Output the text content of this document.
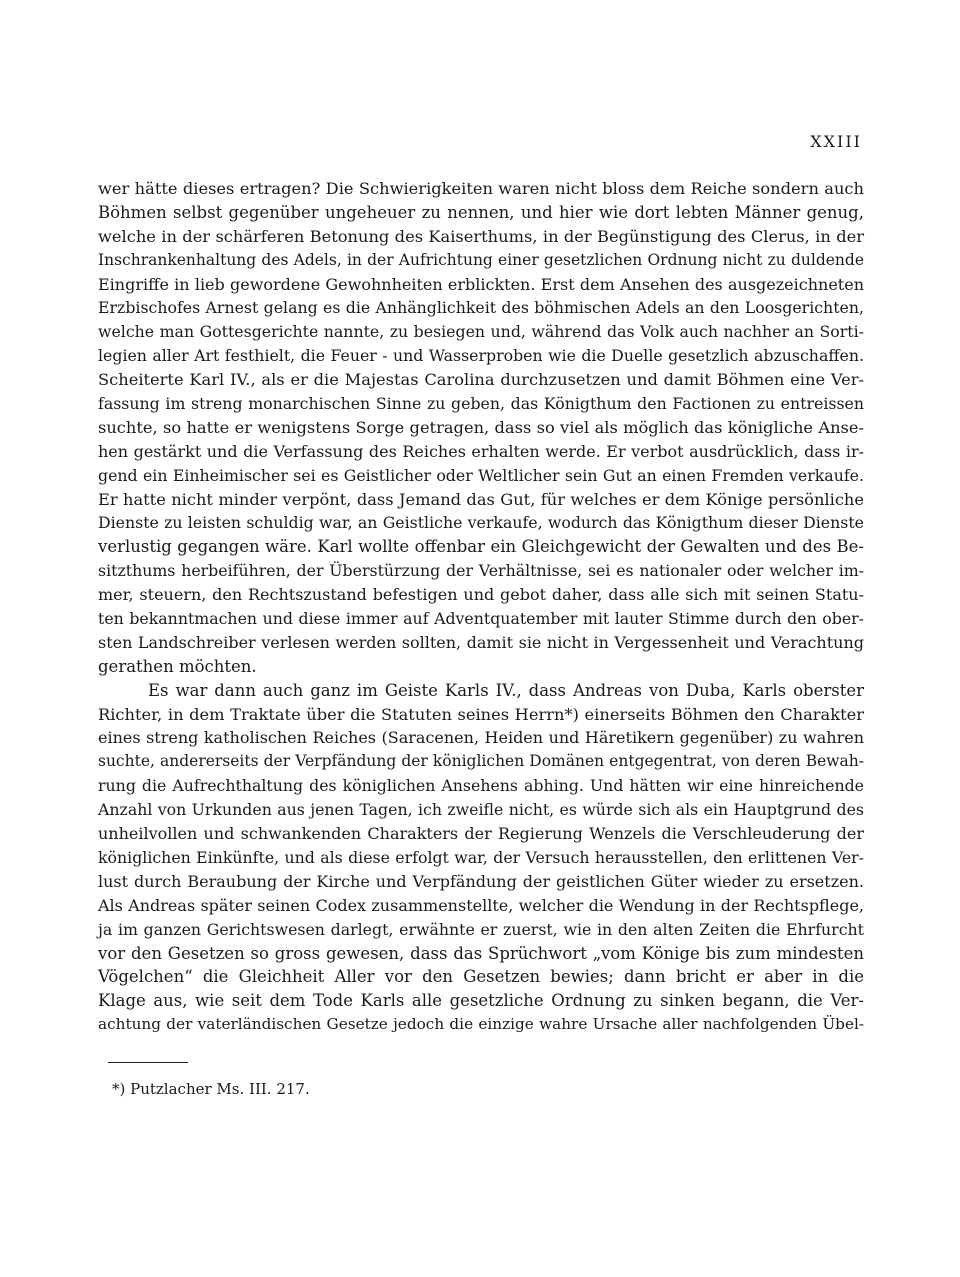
XXIII
wer hätte dieses ertragen? Die Schwierigkeiten waren nicht bloss dem Reiche sondern auch
Böhmen selbst gegenüber ungeheuer zu nennen, und hier wie dort lebten Männer genug,
welche in der schärferen Betonung des Kaiserthums, in der Begünstigung des Clerus, in der
Inschrankenhaltung des Adels, in der Aufrichtung einer gesetzlichen Ordnung nicht zu duldende
Eingriffe in lieb gewordene Gewohnheiten erblickten. Erst dem Ansehen des ausgezeichneten
Erzbischofes Arnest gelang es die Anhänglichkeit des böhmischen Adels an den Loosgerichten,
welche man Gottesgerichte nannte, zu besiegen und, während das Volk auch nachher an Sorti-
legien aller Art festhielt, die Feuer - und Wasserproben wie die Duelle gesetzlich abzuschaffen.
Scheiterte Karl IV., als er die Majestas Carolina durchzusetzen und damit Böhmen eine Ver-
fassung im streng monarchischen Sinne zu geben, das Königthum den Factionen zu entreissen
suchte, so hatte er wenigstens Sorge getragen, dass so viel als möglich das königliche Anse-
hen gestärkt und die Verfassung des Reiches erhalten werde. Er verbot ausdrücklich, dass ir-
gend ein Einheimischer sei es Geistlicher oder Weltlicher sein Gut an einen Fremden verkaufe.
Er hatte nicht minder verpönt, dass Jemand das Gut, für welches er dem Könige persönliche
Dienste zu leisten schuldig war, an Geistliche verkaufe, wodurch das Königthum dieser Dienste
verlustig gegangen wäre. Karl wollte offenbar ein Gleichgewicht der Gewalten und des Be-
sitzthums herbeiführen, der Überstürzung der Verhältnisse, sei es nationaler oder welcher im-
mer, steuern, den Rechtszustand befestigen und gebot daher, dass alle sich mit seinen Statu-
ten bekanntmachen und diese immer auf Adventquatember mit lauter Stimme durch den ober-
sten Landschreiber verlesen werden sollten, damit sie nicht in Vergessenheit und Verachtung
gerathen möchten.
Es war dann auch ganz im Geiste Karls IV., dass Andreas von Duba, Karls oberster
Richter, in dem Traktate über die Statuten seines Herrn*) einerseits Böhmen den Charakter
eines streng katholischen Reiches (Saracenen, Heiden und Häretikern gegenüber) zu wahren
suchte, andererseits der Verpfändung der königlichen Domänen entgegentrat, von deren Bewah-
rung die Aufrechthaltung des königlichen Ansehens abhing. Und hätten wir eine hinreichende
Anzahl von Urkunden aus jenen Tagen, ich zweifle nicht, es würde sich als ein Hauptgrund des
unheilvollen und schwankenden Charakters der Regierung Wenzels die Verschleuderung der
königlichen Einkünfte, und als diese erfolgt war, der Versuch herausstellen, den erlittenen Ver-
lust durch Beraubung der Kirche und Verpfändung der geistlichen Güter wieder zu ersetzen.
Als Andreas später seinen Codex zusammenstellte, welcher die Wendung in der Rechtspflege,
ja im ganzen Gerichtswesen darlegt, erwähnte er zuerst, wie in den alten Zeiten die Ehrfurcht
vor den Gesetzen so gross gewesen, dass das Sprüchwort „vom Könige bis zum mindesten
Vögelchen“ die Gleichheit Aller vor den Gesetzen bewies; dann bricht er aber in die
Klage aus, wie seit dem Tode Karls alle gesetzliche Ordnung zu sinken begann, die Ver-
achtung der vaterländischen Gesetze jedoch die einzige wahre Ursache aller nachfolgenden Übel-
*) Putzlacher Ms. III. 217.
